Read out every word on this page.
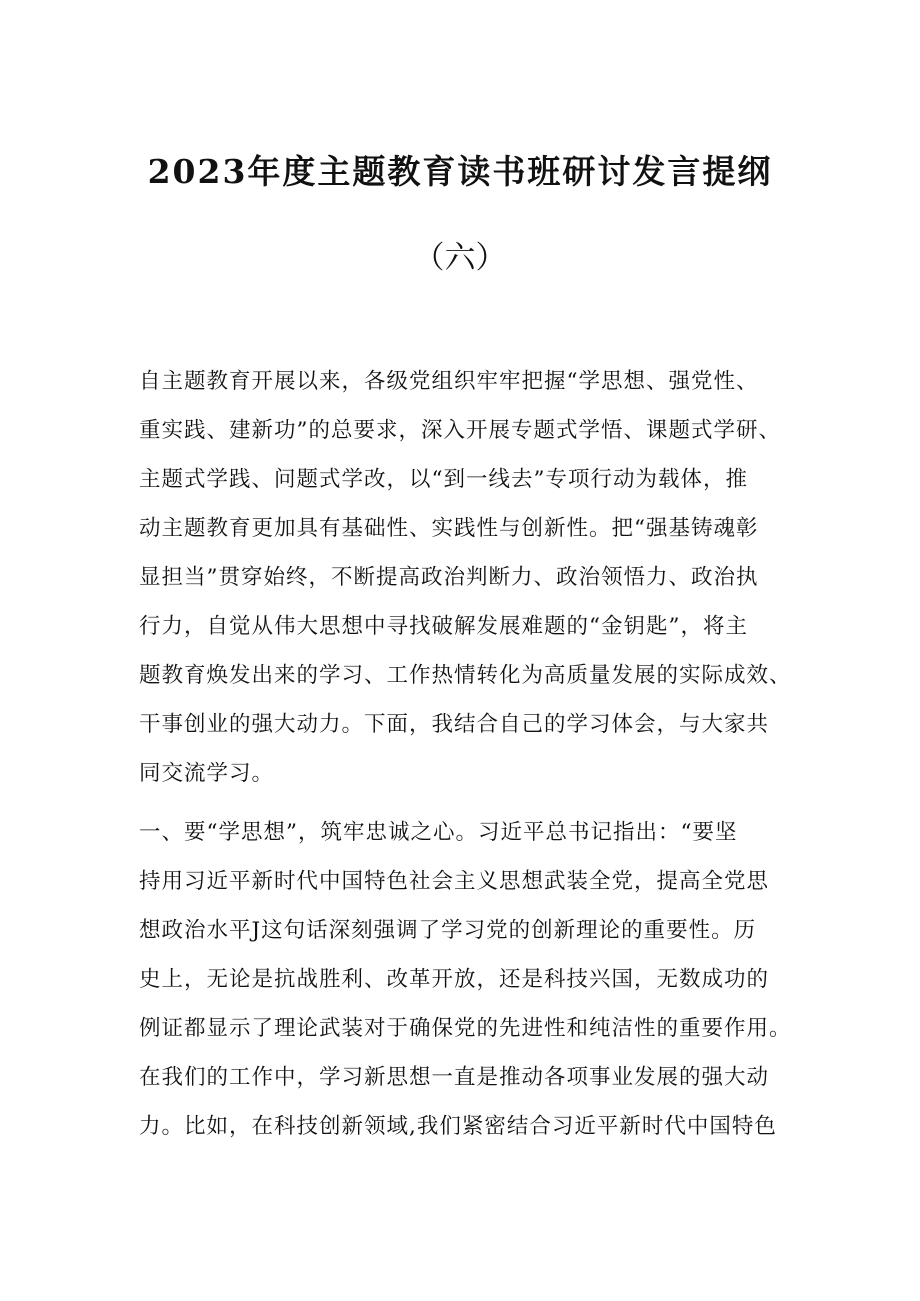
2023年度主题教育读书班研讨发言提纲
（六）
自主题教育开展以来，各级党组织牢牢把握“学思想、强党性、
重实践、建新功”的总要求，深入开展专题式学悟、课题式学研、
主题式学践、问题式学改，以“到一线去”专项行动为载体，推
动主题教育更加具有基础性、实践性与创新性。把“强基铸魂彰
显担当”贯穿始终，不断提高政治判断力、政治领悟力、政治执
行力，自觉从伟大思想中寻找破解发展难题的“金钥匙”，将主
题教育焕发出来的学习、工作热情转化为高质量发展的实际成效、
干事创业的强大动力。下面，我结合自己的学习体会，与大家共
同交流学习。
一、要“学思想”，筑牢忠诚之心。习近平总书记指出：“要坚
持用习近平新时代中国特色社会主义思想武装全党，提高全党思
想政治水平J这句话深刻强调了学习党的创新理论的重要性。历
史上，无论是抗战胜利、改革开放，还是科技兴国，无数成功的
例证都显示了理论武装对于确保党的先进性和纯洁性的重要作用。
在我们的工作中，学习新思想一直是推动各项事业发展的强大动
力。比如，在科技创新领域,我们紧密结合习近平新时代中国特色
